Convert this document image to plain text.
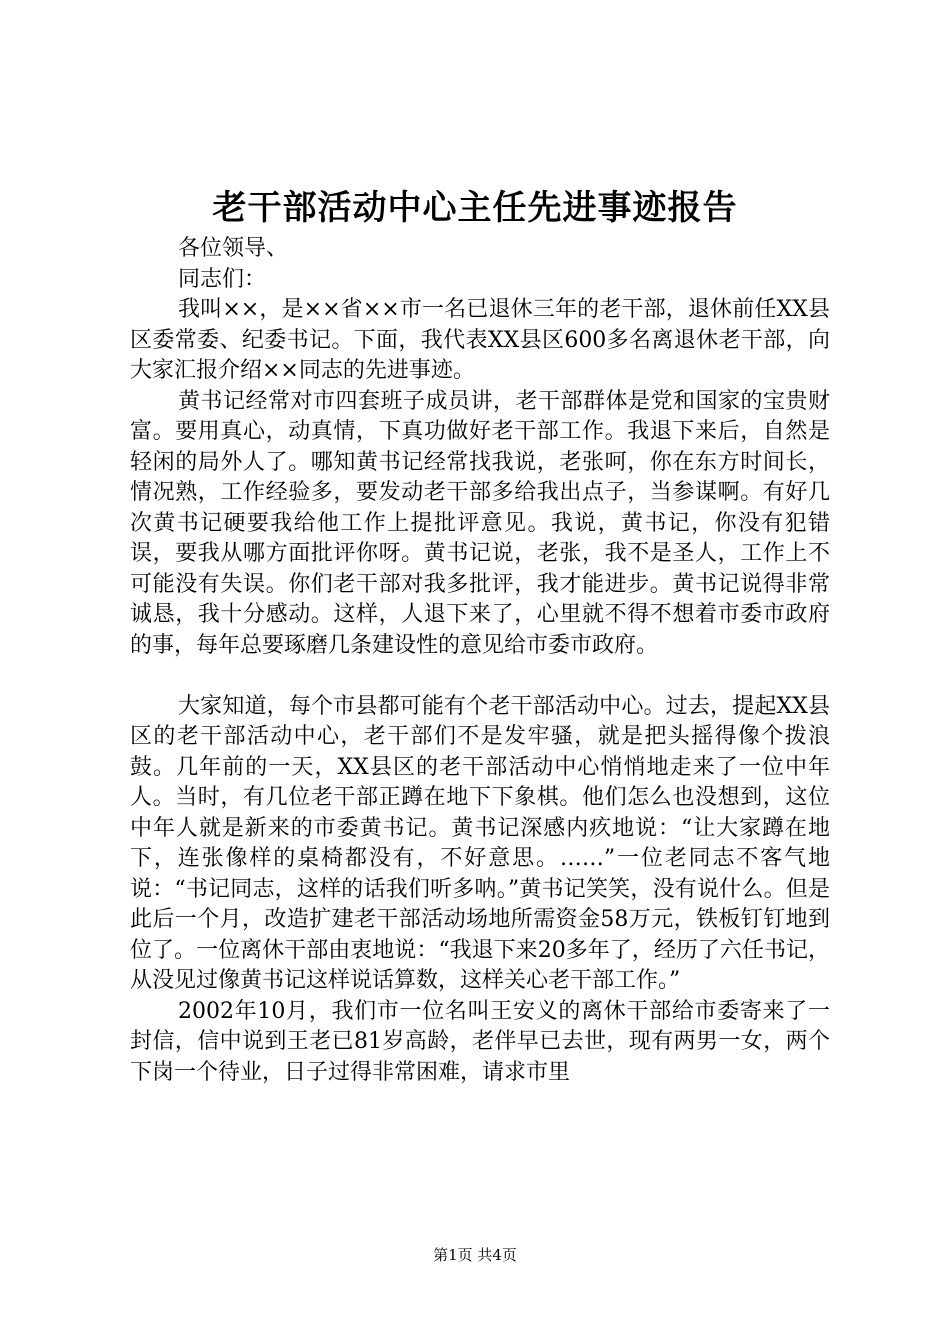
老干部活动中心主任先进事迹报告

各位领导、

同志们：

我叫××，是××省××市一名已退休三年的老干部，退休前任XX县区委常委、纪委书记。下面，我代表XX县区600多名离退休老干部，向大家汇报介绍××同志的先进事迹。

黄书记经常对市四套班子成员讲，老干部群体是党和国家的宝贵财富。要用真心，动真情，下真功做好老干部工作。我退下来后，自然是轻闲的局外人了。哪知黄书记经常找我说，老张呵，你在东方时间长，情况熟，工作经验多，要发动老干部多给我出点子，当参谋啊。有好几次黄书记硬要我给他工作上提批评意见。我说，黄书记，你没有犯错误，要我从哪方面批评你呀。黄书记说，老张，我不是圣人，工作上不可能没有失误。你们老干部对我多批评，我才能进步。黄书记说得非常诚恳，我十分感动。这样，人退下来了，心里就不得不想着市委市政府的事，每年总要琢磨几条建设性的意见给市委市政府。

大家知道，每个市县都可能有个老干部活动中心。过去，提起XX县区的老干部活动中心，老干部们不是发牢骚，就是把头摇得像个拨浪鼓。几年前的一天，XX县区的老干部活动中心悄悄地走来了一位中年人。当时，有几位老干部正蹲在地下下象棋。他们怎么也没想到，这位中年人就是新来的市委黄书记。黄书记深感内疚地说：“让大家蹲在地下，连张像样的桌椅都没有，不好意思。……”一位老同志不客气地说：“书记同志，这样的话我们听多呐。”黄书记笑笑，没有说什么。但是此后一个月，改造扩建老干部活动场地所需资金58万元，铁板钉钉地到位了。一位离休干部由衷地说：“我退下来20多年了，经历了六任书记，从没见过像黄书记这样说话算数，这样关心老干部工作。”

2002年10月，我们市一位名叫王安义的离休干部给市委寄来了一封信，信中说到王老已81岁高龄，老伴早已去世，现有两男一女，两个下岗一个待业，日子过得非常困难，请求市里

第1页 共4页
